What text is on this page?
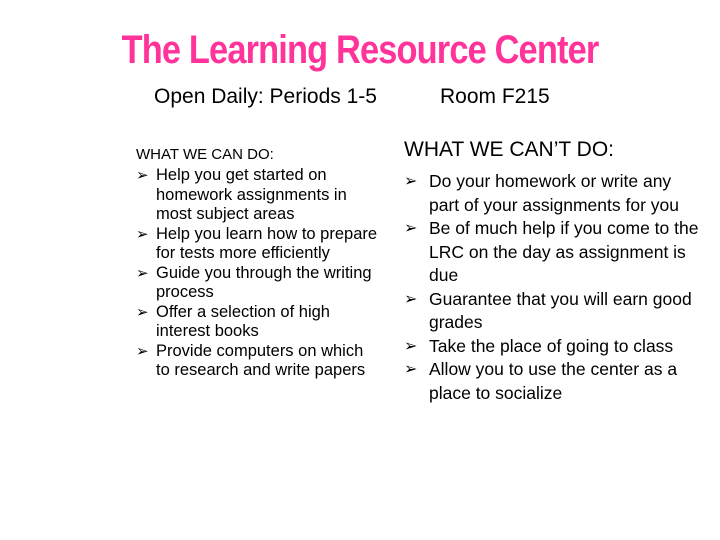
The Learning Resource Center
Open Daily: Periods 1-5	Room F215
WHAT WE CAN DO:
➢ Help you get started on homework assignments in most subject areas
➢ Help you learn how to prepare for tests more efficiently
➢ Guide you through the writing process
➢ Offer a selection of high interest books
➢ Provide computers on which to research and write papers
WHAT WE CAN’T DO:
➢ Do your homework or write any part of your assignments for you
➢ Be of much help if you come to the LRC on the day as assignment is due
➢ Guarantee that you will earn good grades
➢ Take the place of going to class
➢ Allow you to use the center as a place to socialize
